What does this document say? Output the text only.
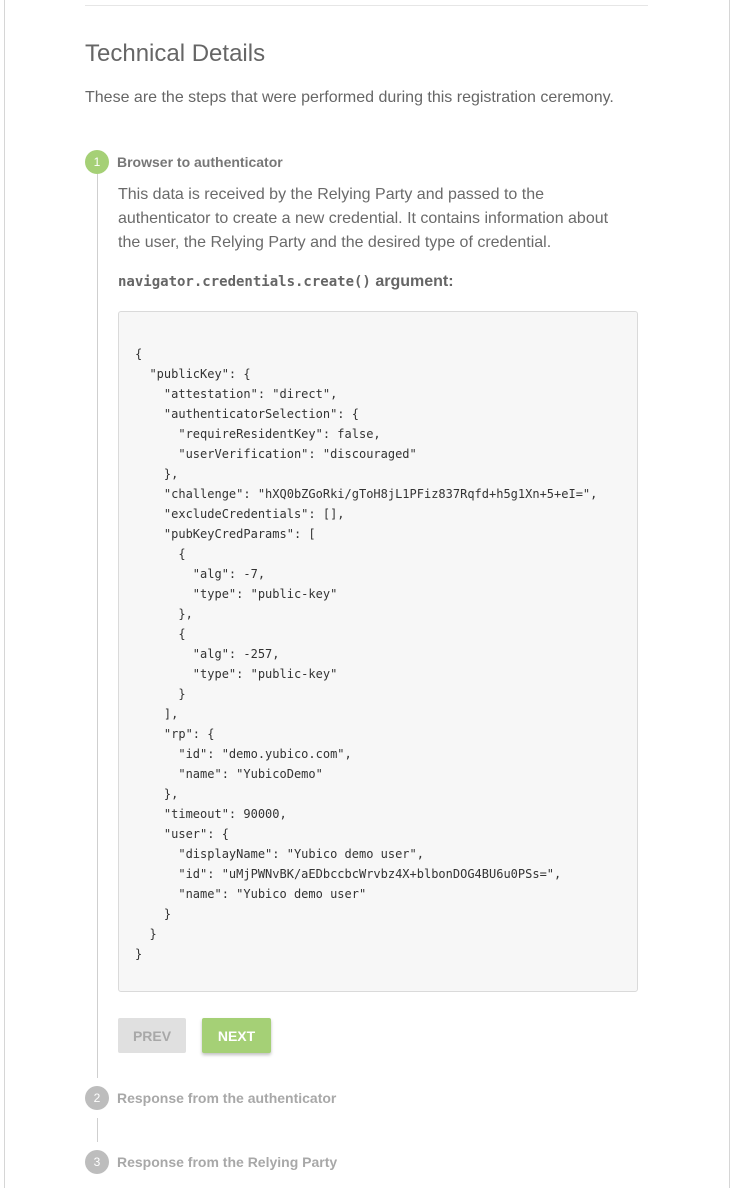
Technical Details

These are the steps that were performed during this registration ceremony.

1	Browser to authenticator

This data is received by the Relying Party and passed to the authenticator to create a new credential. It contains information about the user, the Relying Party and the desired type of credential.

navigator.credentials.create() argument:

{
"publicKey": {
"attestation": "direct",
"authenticatorSelection": {
"requireResidentKey": false,
"userVerification": "discouraged"
},
"challenge": "hXQ0bZGoRki/gToH8jL1PFiz837Rqfd+h5g1Xn+5+eI=",
"excludeCredentials": [],
"pubKeyCredParams": [
{
"alg": -7,
"type": "public-key"
},
{
"alg": -257,
"type": "public-key"
}
],
"rp": {
"id": "demo.yubico.com",
"name": "YubicoDemo"
},
"timeout": 90000,
"user": {
"displayName": "Yubico demo user",
"id": "uMjPWNvBK/aEDbccbcWrvbz4X+blbonDOG4BU6u0PSs=",
"name": "Yubico demo user"
}
}
}
PREV	NEXT
2	Response from the authenticator
3	Response from the Relying Party
